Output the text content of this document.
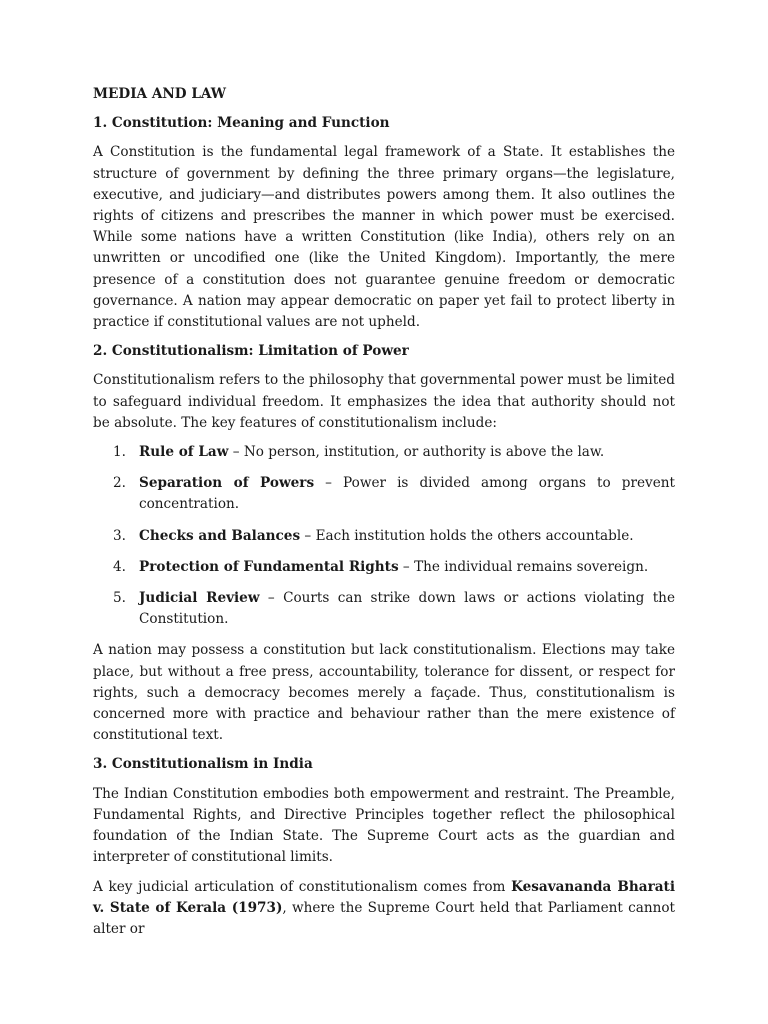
MEDIA AND LAW
1. Constitution: Meaning and Function

A Constitution is the fundamental legal framework of a State. It establishes the structure of government by defining the three primary organs—the legislature, executive, and judiciary—and distributes powers among them. It also outlines the rights of citizens and prescribes the manner in which power must be exercised. While some nations have a written Constitution (like India), others rely on an unwritten or uncodified one (like the United Kingdom). Importantly, the mere presence of a constitution does not guarantee genuine freedom or democratic governance. A nation may appear democratic on paper yet fail to protect liberty in practice if constitutional values are not upheld.

2. Constitutionalism: Limitation of Power

Constitutionalism refers to the philosophy that governmental power must be limited to safeguard individual freedom. It emphasizes the idea that authority should not be absolute. The key features of constitutionalism include:

1. Rule of Law – No person, institution, or authority is above the law.
2. Separation of Powers – Power is divided among organs to prevent concentration.
3. Checks and Balances – Each institution holds the others accountable.
4. Protection of Fundamental Rights – The individual remains sovereign.
5. Judicial Review – Courts can strike down laws or actions violating the Constitution.

A nation may possess a constitution but lack constitutionalism. Elections may take place, but without a free press, accountability, tolerance for dissent, or respect for rights, such a democracy becomes merely a façade. Thus, constitutionalism is concerned more with practice and behaviour rather than the mere existence of constitutional text.

3. Constitutionalism in India

The Indian Constitution embodies both empowerment and restraint. The Preamble, Fundamental Rights, and Directive Principles together reflect the philosophical foundation of the Indian State. The Supreme Court acts as the guardian and interpreter of constitutional limits.

A key judicial articulation of constitutionalism comes from Kesavananda Bharati v. State of Kerala (1973), where the Supreme Court held that Parliament cannot alter or
